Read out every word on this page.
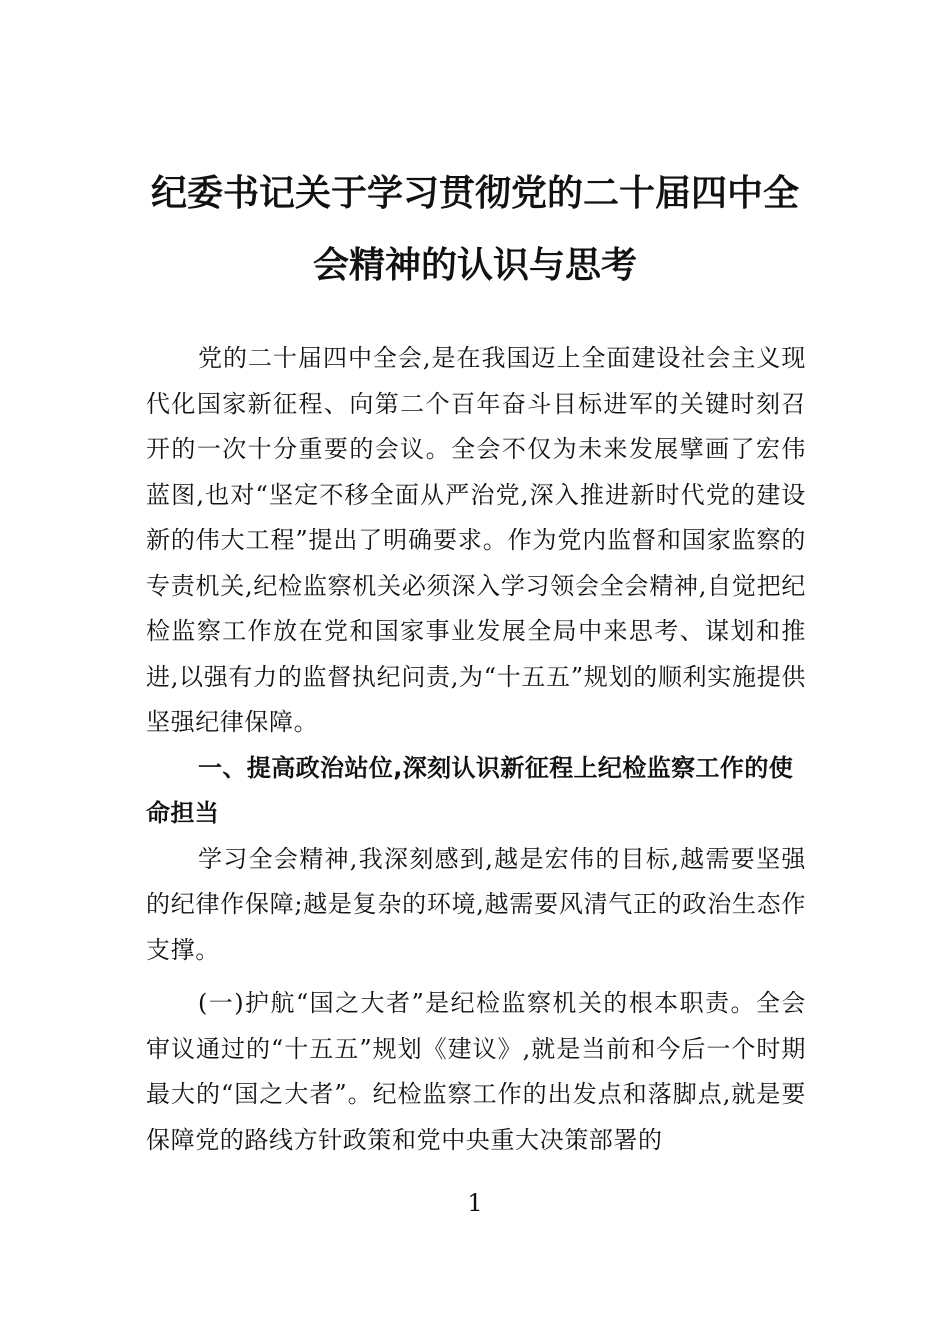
纪委书记关于学习贯彻党的二十届四中全
会精神的认识与思考

党的二十届四中全会,是在我国迈上全面建设社会主义现代化国家新征程、向第二个百年奋斗目标进军的关键时刻召开的一次十分重要的会议。全会不仅为未来发展擘画了宏伟蓝图,也对“坚定不移全面从严治党,深入推进新时代党的建设新的伟大工程”提出了明确要求。作为党内监督和国家监察的专责机关,纪检监察机关必须深入学习领会全会精神,自觉把纪检监察工作放在党和国家事业发展全局中来思考、谋划和推进,以强有力的监督执纪问责,为“十五五”规划的顺利实施提供坚强纪律保障。

一、提高政治站位,深刻认识新征程上纪检监察工作的使命担当

学习全会精神,我深刻感到,越是宏伟的目标,越需要坚强的纪律作保障;越是复杂的环境,越需要风清气正的政治生态作支撑。

(一)护航“国之大者”是纪检监察机关的根本职责。全会审议通过的“十五五”规划《建议》,就是当前和今后一个时期最大的“国之大者”。纪检监察工作的出发点和落脚点,就是要保障党的路线方针政策和党中央重大决策部署的

1
